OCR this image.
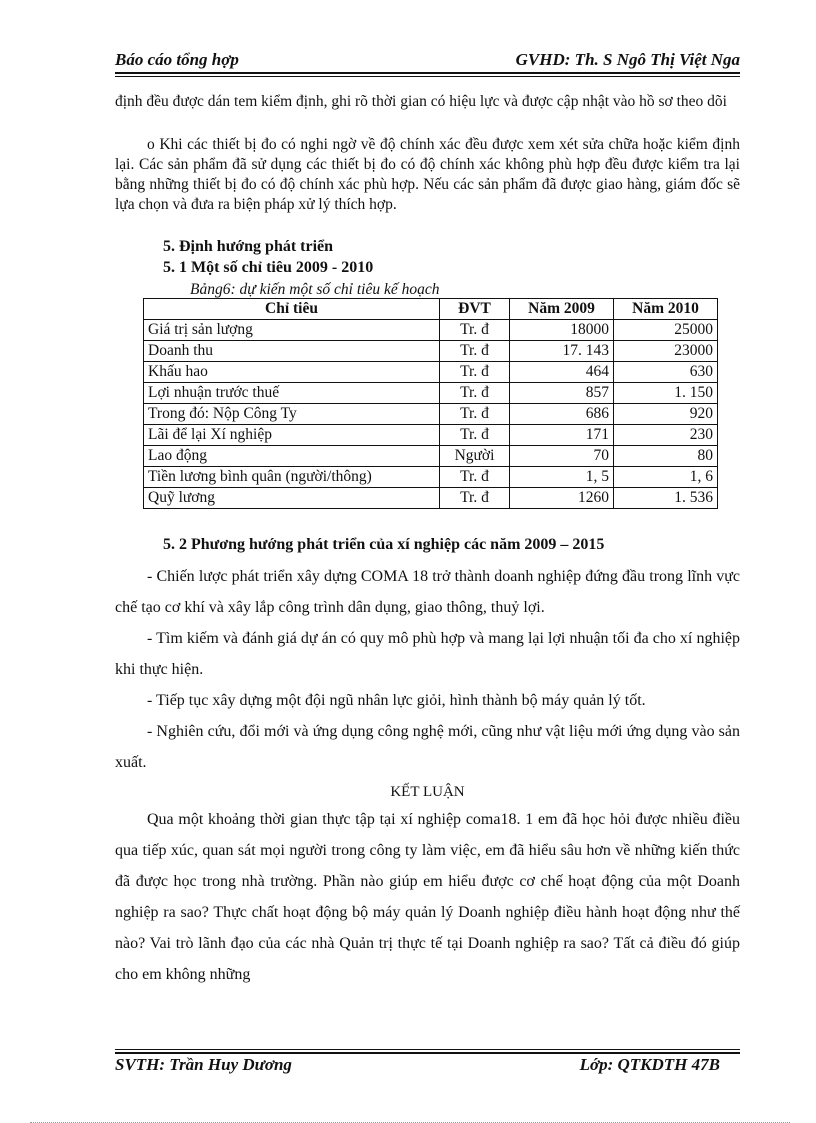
Báo cáo tổng hợp	GVHD: Th. S Ngô Thị Việt Nga
định đều được dán tem kiểm định, ghi rõ thời gian có hiệu lực và được cập nhật vào hồ sơ theo dõi
o Khi các thiết bị đo có nghi ngờ về độ chính xác đều được xem xét sửa chữa hoặc kiểm định lại. Các sản phẩm đã sử dụng các thiết bị đo có độ chính xác không phù hợp đều được kiểm tra lại bằng những thiết bị đo có độ chính xác phù hợp. Nếu các sản phẩm đã được giao hàng, giám đốc sẽ lựa chọn và đưa ra biện pháp xử lý thích hợp.
5. Định hướng phát triển
5. 1 Một số chỉ tiêu 2009 - 2010
Bảng6: dự kiến một số chỉ tiêu kế hoạch
Chỉ tiêu	ĐVT	Năm 2009	Năm 2010
Giá trị sản lượng	Tr. đ	18000	25000
Doanh thu	Tr. đ	17. 143	23000
Khấu hao	Tr. đ	464	630
Lợi nhuận trước thuế	Tr. đ	857	1. 150
Trong đó: Nộp Công Ty	Tr. đ	686	920
Lãi để lại Xí nghiệp	Tr. đ	171	230
Lao động	Người	70	80
Tiền lương bình quân (người/thông)	Tr. đ	1, 5	1, 6
Quỹ lương	Tr. đ	1260	1. 536
5. 2 Phương hướng phát triển của xí nghiệp các năm 2009 – 2015
- Chiến lược phát triển xây dựng COMA 18 trở thành doanh nghiệp đứng đầu trong lĩnh vực chế tạo cơ khí và xây lắp công trình dân dụng, giao thông, thuỷ lợi.
- Tìm kiếm và đánh giá dự án có quy mô phù hợp và mang lại lợi nhuận tối đa cho xí nghiệp khi thực hiện.
- Tiếp tục xây dựng một đội ngũ nhân lực giỏi, hình thành bộ máy quản lý tốt.
- Nghiên cứu, đổi mới và ứng dụng công nghệ mới, cũng như vật liệu mới ứng dụng vào sản xuất.
KẾT LUẬN
Qua một khoảng thời gian thực tập tại xí nghiệp coma18. 1 em đã học hỏi được nhiều điều qua tiếp xúc, quan sát mọi người trong công ty làm việc, em đã hiểu sâu hơn về những kiến thức đã được học trong nhà trường. Phần nào giúp em hiểu được cơ chế hoạt động của một Doanh nghiệp ra sao? Thực chất hoạt động bộ máy quản lý Doanh nghiệp điều hành hoạt động như thế nào? Vai trò lãnh đạo của các nhà Quản trị thực tế tại Doanh nghiệp ra sao? Tất cả điều đó giúp cho em không những
SVTH: Trần Huy Dương	Lớp: QTKDTH 47B
